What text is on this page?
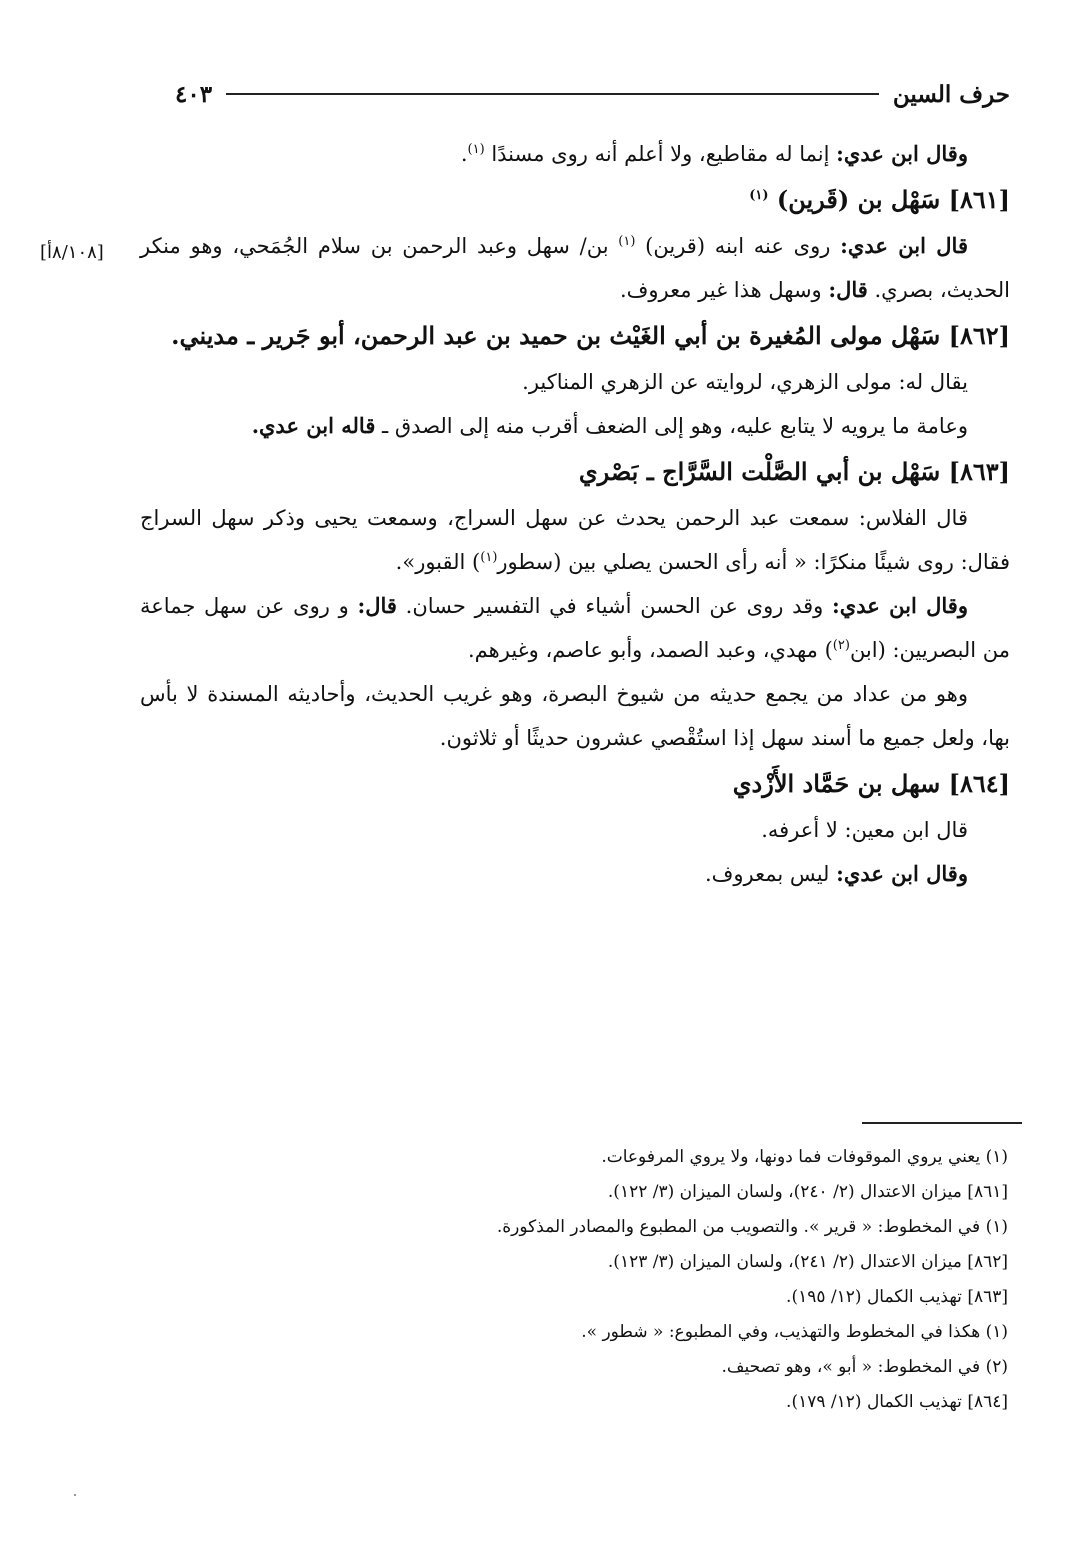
حرف السين
٤٠٣
[٨/١٠٨أ]

وقال ابن عدي: إنما له مقاطيع، ولا أعلم أنه روى مسندًا $^{(١)}$.

[٨٦١] سَهْل بن (قَرين) $^{(١)}$

قال ابن عدي: روى عنه ابنه (قرين) $^{(١)}$ بن/ سهل وعبد الرحمن بن سلام الجُمَحي، وهو منكر الحديث، بصري. قال: وسهل هذا غير معروف.

[٨٦٢] سَهْل مولى المُغيرة بن أبي الغَيْث بن حميد بن عبد الرحمن، أبو جَرير ـ مديني.

يقال له: مولى الزهري، لروايته عن الزهري المناكير.

وعامة ما يرويه لا يتابع عليه، وهو إلى الضعف أقرب منه إلى الصدق ـ قاله ابن عدي.

[٨٦٣] سَهْل بن أبي الصَّلْت السَّرَّاج ـ بَصْري

قال الفلاس: سمعت عبد الرحمن يحدث عن سهل السراج، وسمعت يحيى وذكر سهل السراج فقال: روى شيئًا منكرًا: « أنه رأى الحسن يصلي بين (سطور$^{(١)}$) القبور».

وقال ابن عدي: وقد روى عن الحسن أشياء في التفسير حسان. قال: و روى عن سهل جماعة من البصريين: (ابن$^{(٢)}$) مهدي، وعبد الصمد، وأبو عاصم، وغيرهم.

وهو من عداد من يجمع حديثه من شيوخ البصرة، وهو غريب الحديث، وأحاديثه المسندة لا بأس بها، ولعل جميع ما أسند سهل إذا استُقْصي عشرون حديثًا أو ثلاثون.

[٨٦٤] سهل بن حَمَّاد الأَزْدي

قال ابن معين: لا أعرفه.

وقال ابن عدي: ليس بمعروف.

(١) يعني يروي الموقوفات فما دونها، ولا يروي المرفوعات.

[٨٦١] ميزان الاعتدال (٢/ ٢٤٠)، ولسان الميزان (٣/ ١٢٢).

(١) في المخطوط: « قرير ». والتصويب من المطبوع والمصادر المذكورة.

[٨٦٢] ميزان الاعتدال (٢/ ٢٤١)، ولسان الميزان (٣/ ١٢٣).

[٨٦٣] تهذيب الكمال (١٢/ ١٩٥).

(١) هكذا في المخطوط والتهذيب، وفي المطبوع: « شطور ».

(٢) في المخطوط: « أبو »، وهو تصحيف.

[٨٦٤] تهذيب الكمال (١٢/ ١٧٩).
